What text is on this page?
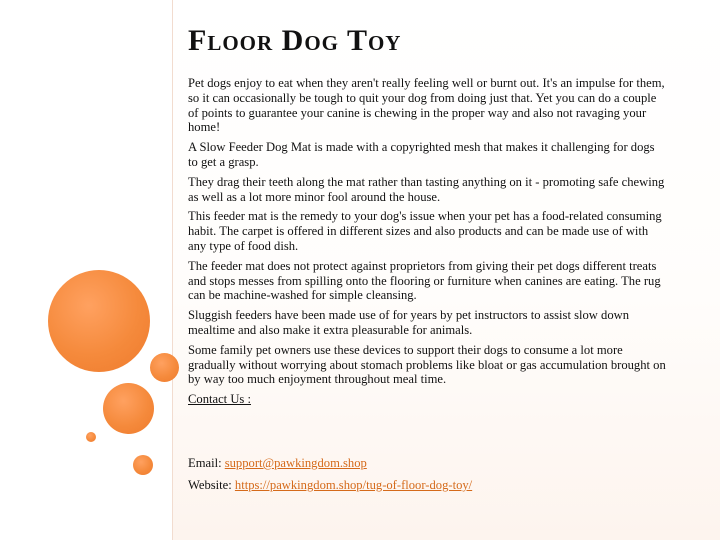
Floor Dog Toy

Pet dogs enjoy to eat when they aren't really feeling well or burnt out. It's an impulse for them, so it can occasionally be tough to quit your dog from doing just that. Yet you can do a couple of points to guarantee your canine is chewing in the proper way and also not ravaging your home!

A Slow Feeder Dog Mat is made with a copyrighted mesh that makes it challenging for dogs to get a grasp.

They drag their teeth along the mat rather than tasting anything on it - promoting safe chewing as well as a lot more minor fool around the house.

This feeder mat is the remedy to your dog's issue when your pet has a food-related consuming habit. The carpet is offered in different sizes and also products and can be made use of with any type of food dish.

The feeder mat does not protect against proprietors from giving their pet dogs different treats and stops messes from spilling onto the flooring or furniture when canines are eating. The rug can be machine-washed for simple cleansing.

Sluggish feeders have been made use of for years by pet instructors to assist slow down mealtime and also make it extra pleasurable for animals.

Some family pet owners use these devices to support their dogs to consume a lot more gradually without worrying about stomach problems like bloat or gas accumulation brought on by way too much enjoyment throughout meal time.

Contact Us :

Email: support@pawkingdom.shop

Website: https://pawkingdom.shop/tug-of-floor-dog-toy/
